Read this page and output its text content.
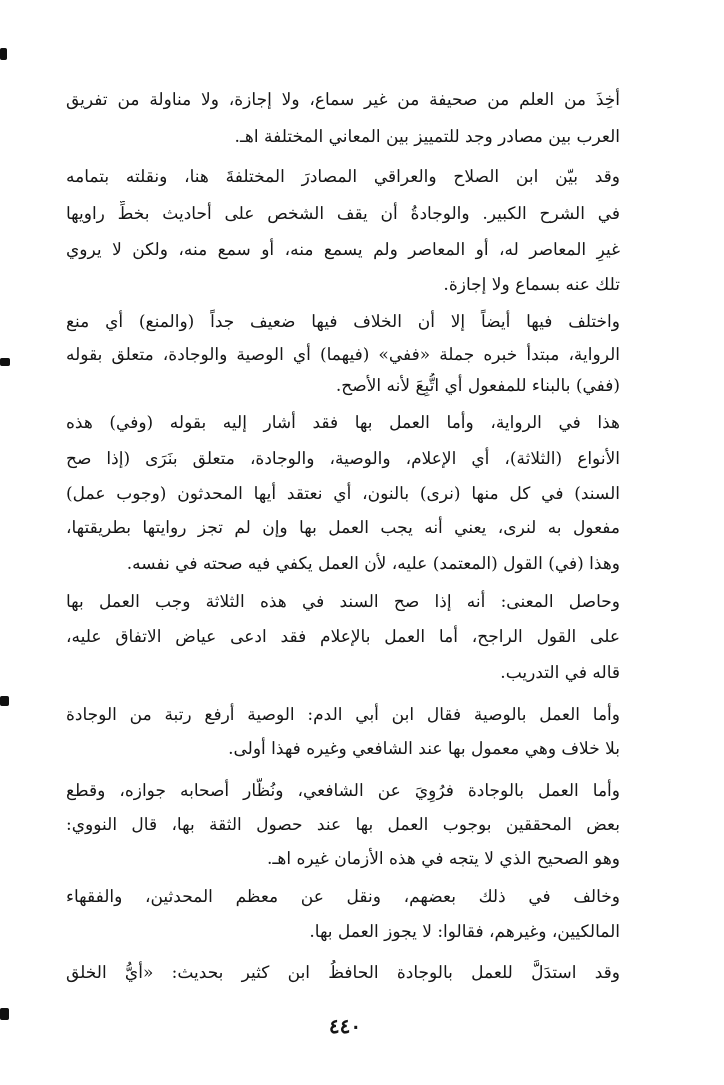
أخِذَ من العلم من صحيفة من غير سماع، ولا إجازة، ولا مناولة من تفريق
العرب بين مصادر وجد للتمييز بين المعاني المختلفة اهـ.
وقد بيّن ابن الصلاح والعراقي المصادرَ المختلفةَ هنا، ونقلته بتمامه
في الشرح الكبير. والوجادةُ أن يقف الشخص على أحاديث بخطِّ راويها
غيرِ المعاصر له، أو المعاصر ولم يسمع منه، أو سمع منه، ولكن لا يروي
تلك عنه بسماع ولا إجازة.
واختلف فيها أيضاً إلا أن الخلاف فيها ضعيف جداً (والمنع) أي منع
الرواية، مبتدأ خبره جملة «ففي» (فيهما) أي الوصية والوجادة، متعلق بقوله
(ففي) بالبناء للمفعول أي اتُّبِعَ لأنه الأصح.
هذا في الرواية، وأما العمل بها فقد أشار إليه بقوله (وفي) هذه
الأنواع (الثلاثة)، أي الإعلام، والوصية، والوجادة، متعلق بنَرَى (إذا صح
السند) في كل منها (نرى) بالنون، أي نعتقد أيها المحدثون (وجوب عمل)
مفعول به لنرى، يعني أنه يجب العمل بها وإن لم تجز روايتها بطريقتها،
وهذا (في) القول (المعتمد) عليه، لأن العمل يكفي فيه صحته في نفسه.
وحاصل المعنى: أنه إذا صح السند في هذه الثلاثة وجب العمل بها
على القول الراجح، أما العمل بالإعلام فقد ادعى عياض الاتفاق عليه،
قاله في التدريب.
وأما العمل بالوصية فقال ابن أبي الدم: الوصية أرفع رتبة من الوجادة
بلا خلاف وهي معمول بها عند الشافعي وغيره فهذا أولى.
وأما العمل بالوجادة فرُوِيَ عن الشافعي، ونُظَّار أصحابه جوازه، وقطع
بعض المحققين بوجوب العمل بها عند حصول الثقة بها، قال النووي:
وهو الصحيح الذي لا يتجه في هذه الأزمان غيره اهـ.
وخالف في ذلك بعضهم، ونقل عن معظم المحدثين، والفقهاء
المالكيين، وغيرهم، فقالوا: لا يجوز العمل بها.
وقد استدَلَّ للعمل بالوجادة الحافظُ ابن كثير بحديث: «أيُّ الخلق
٤٤٠
